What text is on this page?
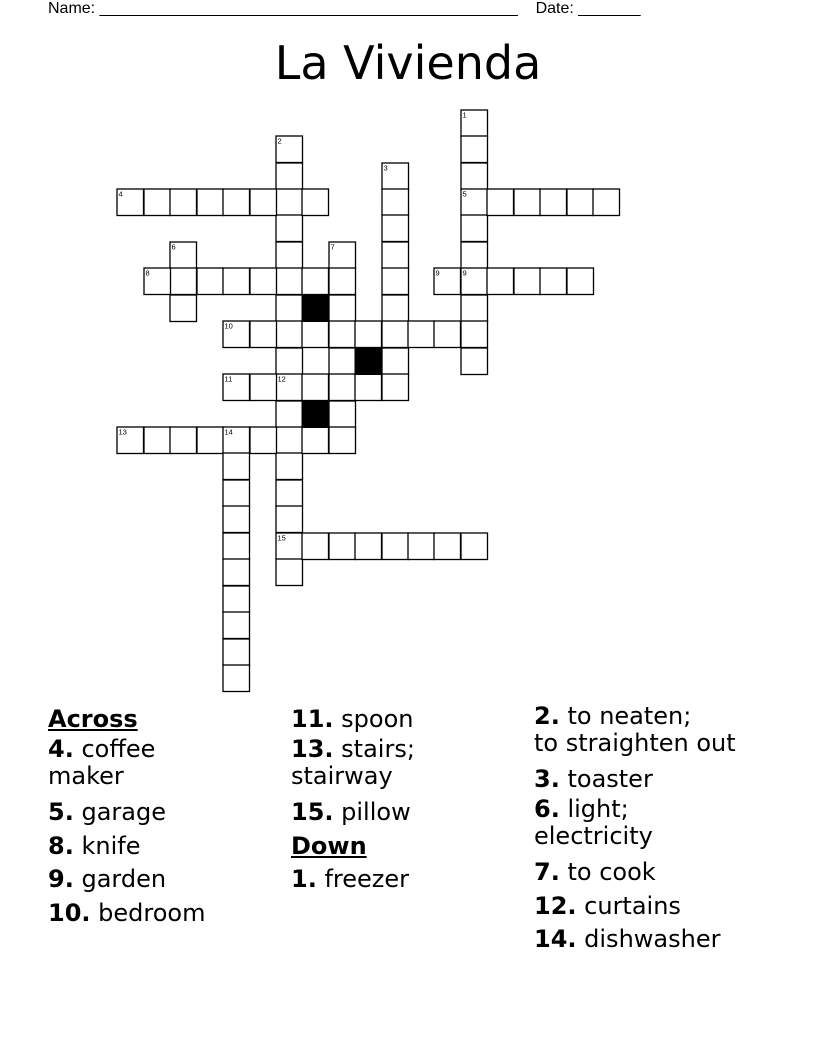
Name: _______________________________________________    Date: _______
La Vivienda
1
5
9
2
12
15
3
4
6	7
8	9
10
11
13	14
Across
4. coffee
maker
5. garage
8. knife
9. garden
10. bedroom
11. spoon
13. stairs;
stairway
15. pillow
Down
1. freezer
2. to neaten;
to straighten out
3. toaster
6. light;
electricity
7. to cook
12. curtains
14. dishwasher
